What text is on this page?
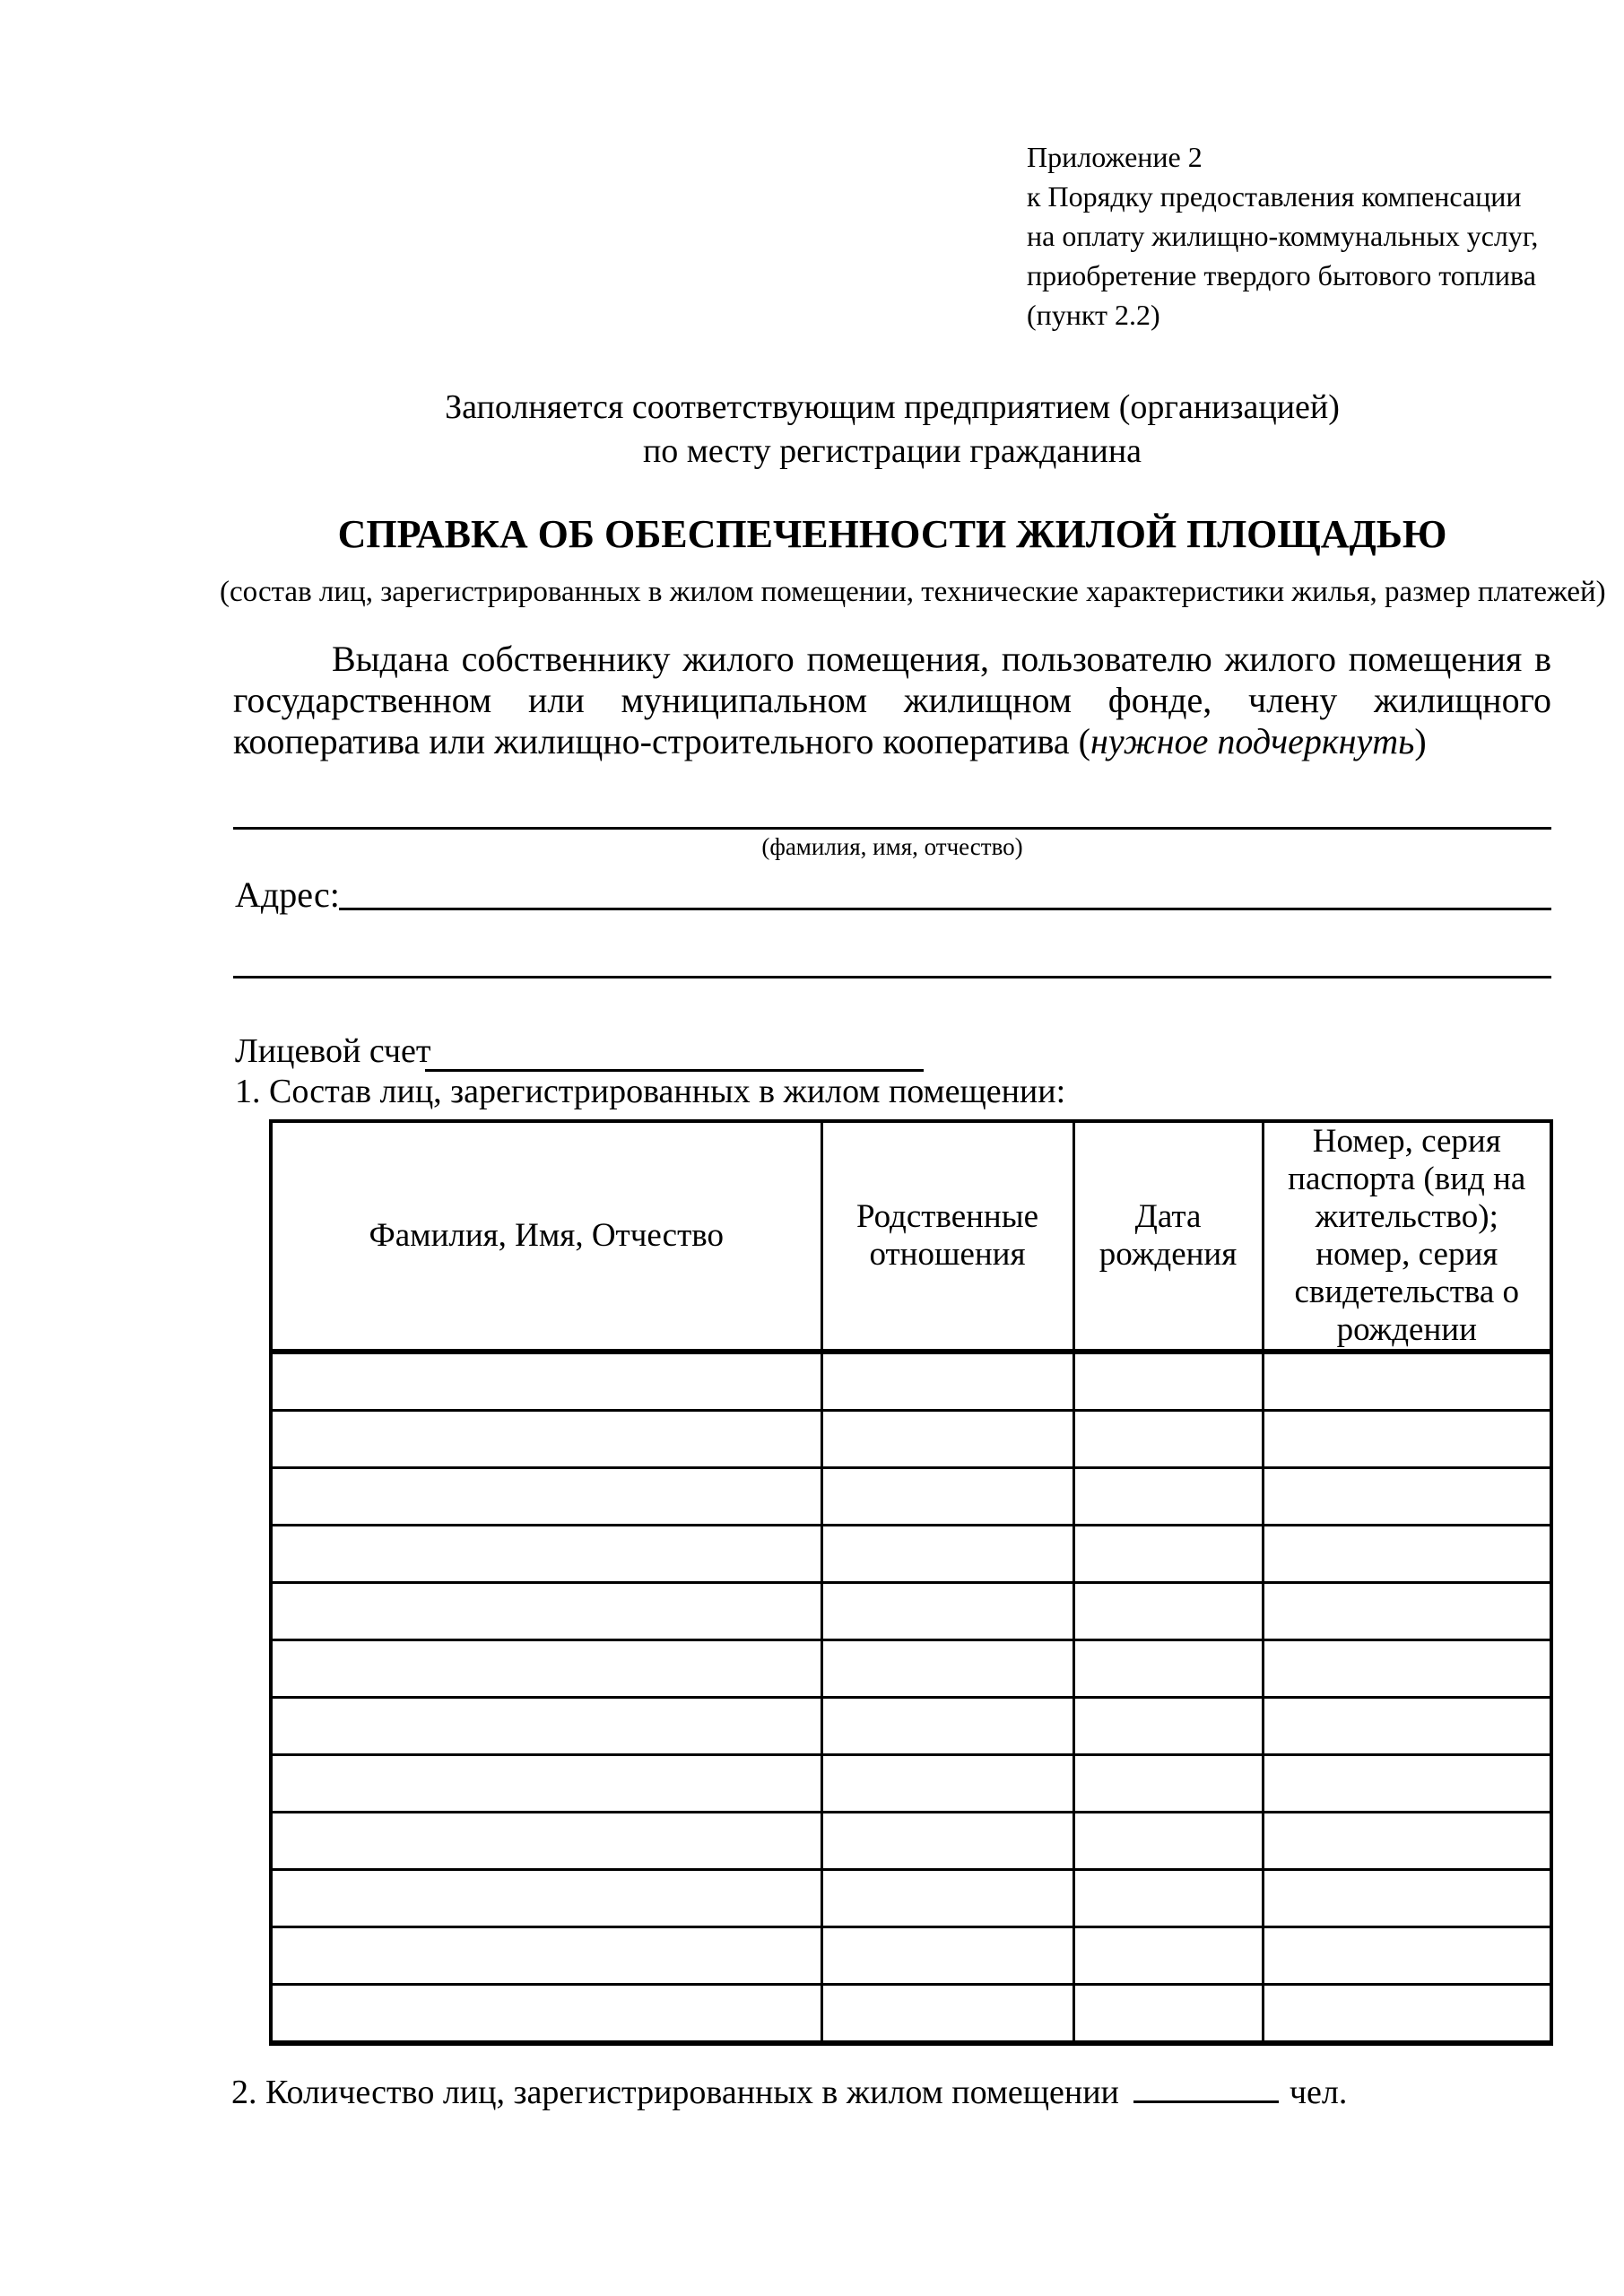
Приложение 2
к Порядку предоставления компенсации
на оплату жилищно-коммунальных услуг,
приобретение твердого бытового топлива
(пункт 2.2)
Заполняется соответствующим предприятием (организацией)
по месту регистрации гражданина
СПРАВКА ОБ ОБЕСПЕЧЕННОСТИ ЖИЛОЙ ПЛОЩАДЬЮ
(состав лиц, зарегистрированных в жилом помещении, технические характеристики жилья, размер платежей)
Выдана собственнику жилого помещения, пользователю жилого помещения в государственном или муниципальном жилищном фонде, члену жилищного кооператива или жилищно-строительного кооператива (нужное подчеркнуть)
(фамилия, имя, отчество)
Адрес:
Лицевой счет
1. Состав лиц, зарегистрированных в жилом помещении:
Фамилия, Имя, Отчество	Родственные отношения	Дата рождения	Номер, серия паспорта (вид на жительство); номер, серия свидетельства о рождении

2. Количество лиц, зарегистрированных в жилом помещении	чел.
